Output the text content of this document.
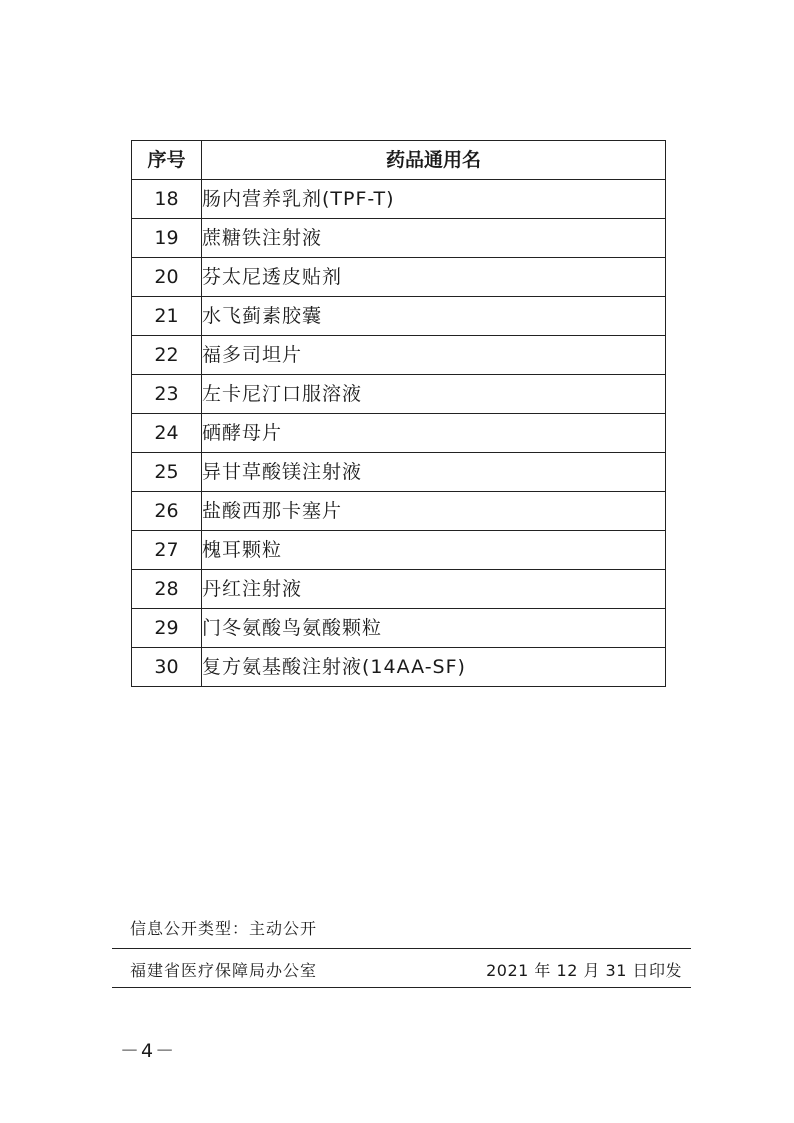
序号	药品通用名
18	肠内营养乳剂(TPF-T)
19	蔗糖铁注射液
20	芬太尼透皮贴剂
21	水飞蓟素胶囊
22	福多司坦片
23	左卡尼汀口服溶液
24	硒酵母片
25	异甘草酸镁注射液
26	盐酸西那卡塞片
27	槐耳颗粒
28	丹红注射液
29	门冬氨酸鸟氨酸颗粒
30	复方氨基酸注射液(14AA-SF)
信息公开类型：主动公开
福建省医疗保障局办公室	2021 年 12 月 31 日印发
－4－
